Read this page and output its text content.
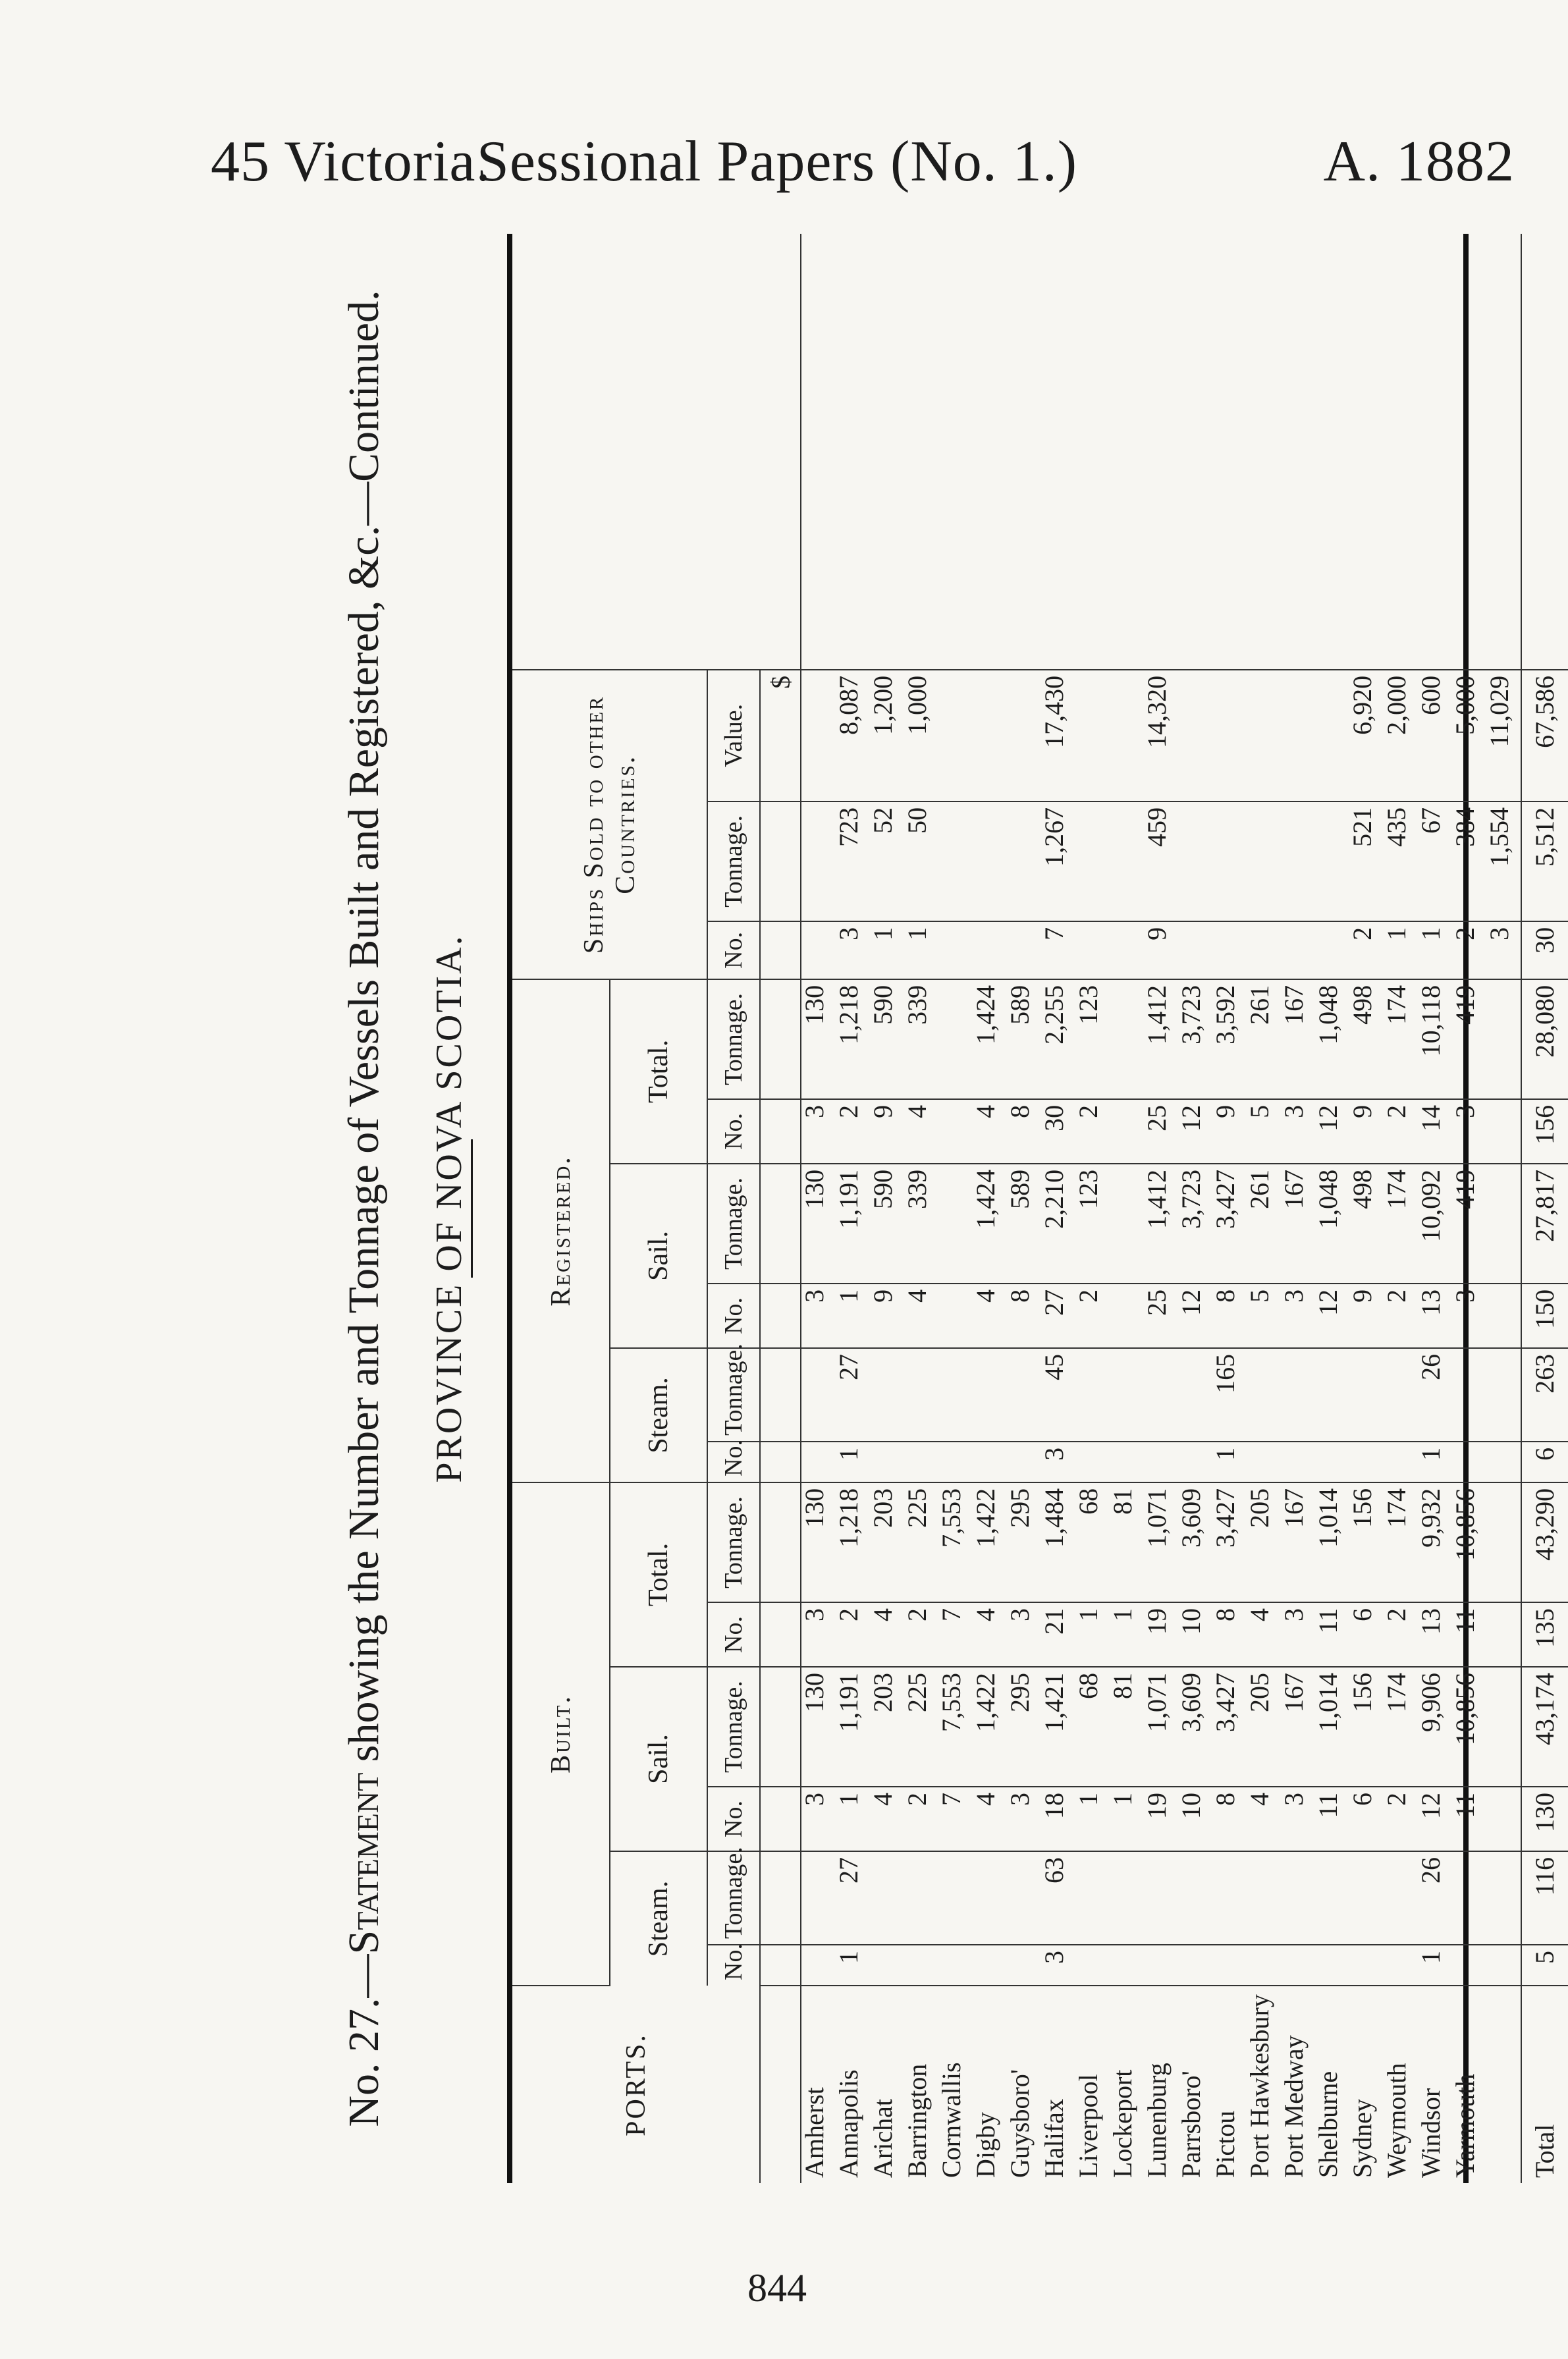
45 Victoria.
Sessional Papers (No. 1.)	A. 1882
No. 27.—Statement showing the Number and Tonnage of Vessels Built and Registered, &c.—Continued. PROVINCE OF NOVA SCOTIA.
PORTS.	Built.						Registered.						Ships Sold to other Countries.			
	Steam.		Sail.		Total.		Steam.		Sail.		Total.					
	No.	Tonnage.	No.	Tonnage.	No.	Tonnage.	No.	Tonnage.	No.	Tonnage.	No.	Tonnage.	No.	Tonnage.	Value.	
															$	
Amherst			3	130	3	130			3	130	3	130				
Annapolis	1	27	1	1,191	2	1,218	1	27	1	1,191	2	1,218	3	723	8,087	
Arichat			4	203	4	203			9	590	9	590	1	52	1,200	
Barrington			2	225	2	225			4	339	4	339	1	50	1,000	
Cornwallis			7	7,553	7	7,553										
Digby			4	1,422	4	1,422			4	1,424	4	1,424				
Guysboro'			3	295	3	295			8	589	8	589				
Halifax	3	63	18	1,421	21	1,484	3	45	27	2,210	30	2,255	7	1,267	17,430	
Liverpool			1	68	1	68			2	123	2	123				
Lockeport			1	81	1	81										
Lunenburg			19	1,071	19	1,071			25	1,412	25	1,412	9	459	14,320	
Parrsboro'			10	3,609	10	3,609			12	3,723	12	3,723				
Pictou			8	3,427	8	3,427	1	165	8	3,427	9	3,592				
Port Hawkesbury			4	205	4	205			5	261	5	261				
Port Medway			3	167	3	167			3	167	3	167				
Shelburne			11	1,014	11	1,014			12	1,048	12	1,048				
Sydney			6	156	6	156			9	498	9	498	2	521	6,920	
Weymouth			2	174	2	174			2	174	2	174	1	435	2,000	
Windsor	1	26	12	9,906	13	9,932	1	26	13	10,092	14	10,118	1	67	600	
Yarmouth			11	10,856	11	10,856			3	419	3	419	2	384	5,000	
													3	1,554	11,029	

Total	5	116	130	43,174	135	43,290	6	263	150	27,817	156	28,080	30	5,512	67,586	
844
